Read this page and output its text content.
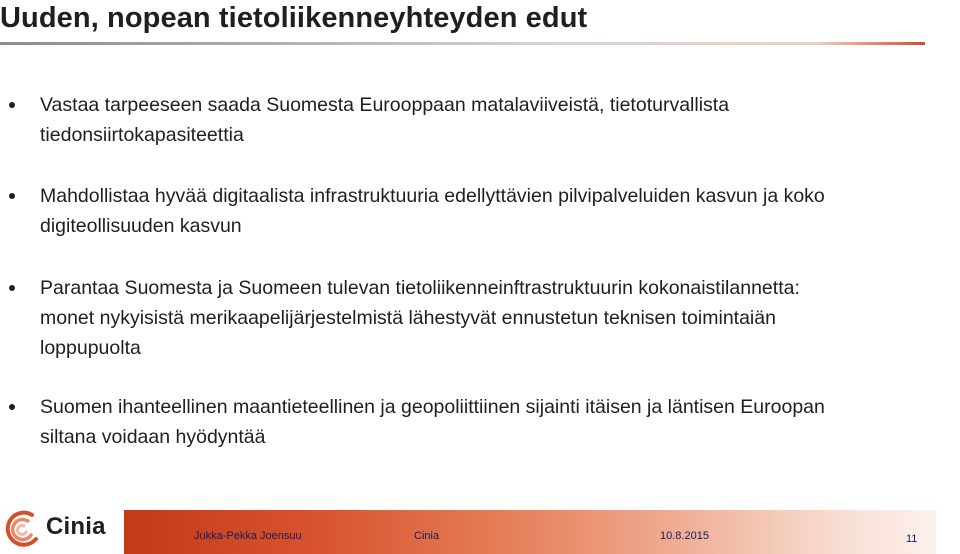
Uuden, nopean tietoliikenneyhteyden edut
Vastaa tarpeeseen saada Suomesta Eurooppaan matalaviiveistä, tietoturvallista tiedonsiirtokapasiteettia
Mahdollistaa hyvää digitaalista infrastruktuuria edellyttävien pilvipalveluiden kasvun ja koko digiteollisuuden kasvun
Parantaa Suomesta ja Suomeen tulevan tietoliikenneinftrastruktuurin kokonaistilannetta: monet nykyisistä merikaapelijärjestelmistä lähestyvät ennustetun teknisen toimintaiän loppupuolta
Suomen ihanteellinen maantieteellinen ja geopoliittiinen sijainti itäisen ja läntisen Euroopan siltana voidaan hyödyntää
Cinia	Jukka-Pekka Joensuu	Cinia	10.8.2015	11
